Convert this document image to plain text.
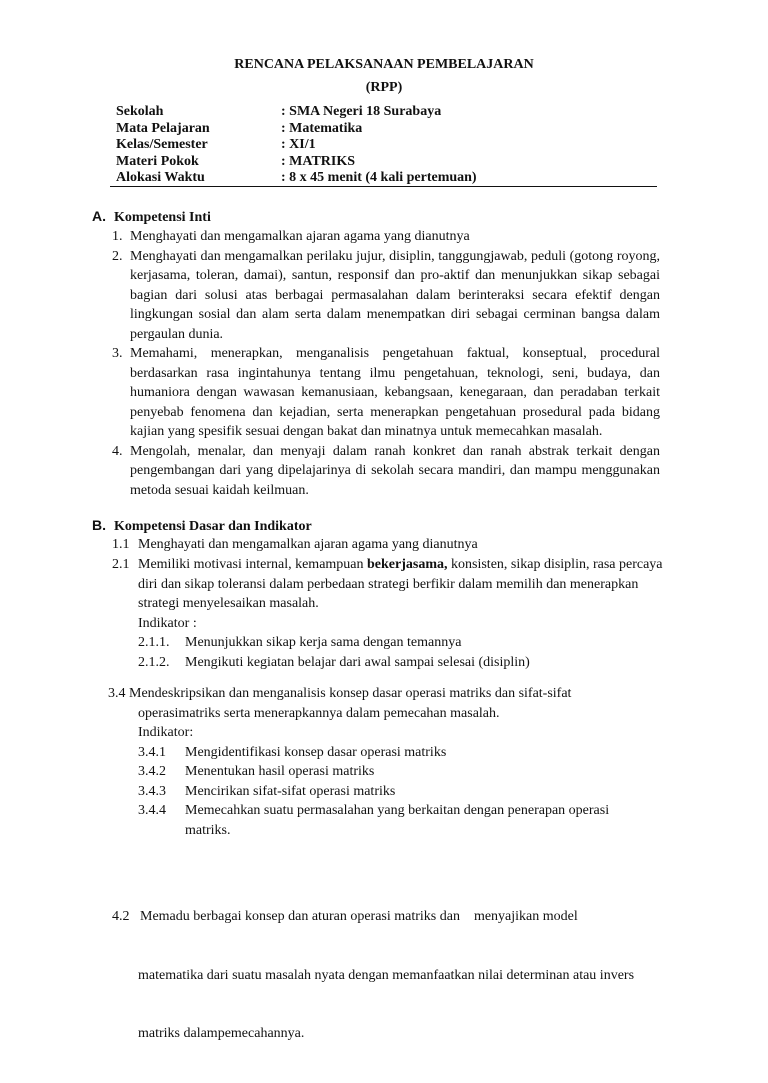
RENCANA PELAKSANAAN PEMBELAJARAN
(RPP)
Sekolah	: SMA Negeri 18 Surabaya
Mata Pelajaran	: Matematika
Kelas/Semester	: XI/1
Materi Pokok	: MATRIKS
Alokasi Waktu	: 8 x 45 menit (4 kali pertemuan)
A. Kompetensi Inti
1. Menghayati dan mengamalkan ajaran agama yang dianutnya
2. Menghayati dan mengamalkan perilaku jujur, disiplin, tanggungjawab, peduli (gotong royong, kerjasama, toleran, damai), santun, responsif dan pro-aktif dan menunjukkan sikap sebagai bagian dari solusi atas berbagai permasalahan dalam berinteraksi secara efektif dengan lingkungan sosial dan alam serta dalam menempatkan diri sebagai cerminan bangsa dalam pergaulan dunia.
3. Memahami, menerapkan, menganalisis pengetahuan faktual, konseptual, procedural berdasarkan rasa ingintahunya tentang ilmu pengetahuan, teknologi, seni, budaya, dan humaniora dengan wawasan kemanusiaan, kebangsaan, kenegaraan, dan peradaban terkait penyebab fenomena dan kejadian, serta menerapkan pengetahuan prosedural pada bidang kajian yang spesifik sesuai dengan bakat dan minatnya untuk memecahkan masalah.
4. Mengolah, menalar, dan menyaji dalam ranah konkret dan ranah abstrak terkait dengan pengembangan dari yang dipelajarinya di sekolah secara mandiri, dan mampu menggunakan metoda sesuai kaidah keilmuan.
B. Kompetensi Dasar dan Indikator
1.1 Menghayati dan mengamalkan ajaran agama yang dianutnya
2.1 Memiliki motivasi internal, kemampuan bekerjasama, konsisten, sikap disiplin, rasa percaya diri dan sikap toleransi dalam perbedaan strategi berfikir dalam memilih dan menerapkan strategi menyelesaikan masalah.
Indikator :
2.1.1.	Menunjukkan sikap kerja sama dengan temannya
2.1.2.	Mengikuti kegiatan belajar dari awal sampai selesai (disiplin)
3.4 Mendeskripsikan dan menganalisis konsep dasar operasi matriks dan sifat-sifat
operasimatriks serta menerapkannya dalam pemecahan masalah.
Indikator:
3.4.1	Mengidentifikasi konsep dasar operasi matriks
3.4.2	Menentukan hasil operasi matriks
3.4.3	Mencirikan sifat-sifat operasi matriks
3.4.4	Memecahkan suatu permasalahan yang berkaitan dengan penerapan operasi
matriks.

4.2   Memadu berbagai konsep dan aturan operasi matriks dan    menyajikan model

matematika dari suatu masalah nyata dengan memanfaatkan nilai determinan atau invers

matriks dalampemecahannya.
